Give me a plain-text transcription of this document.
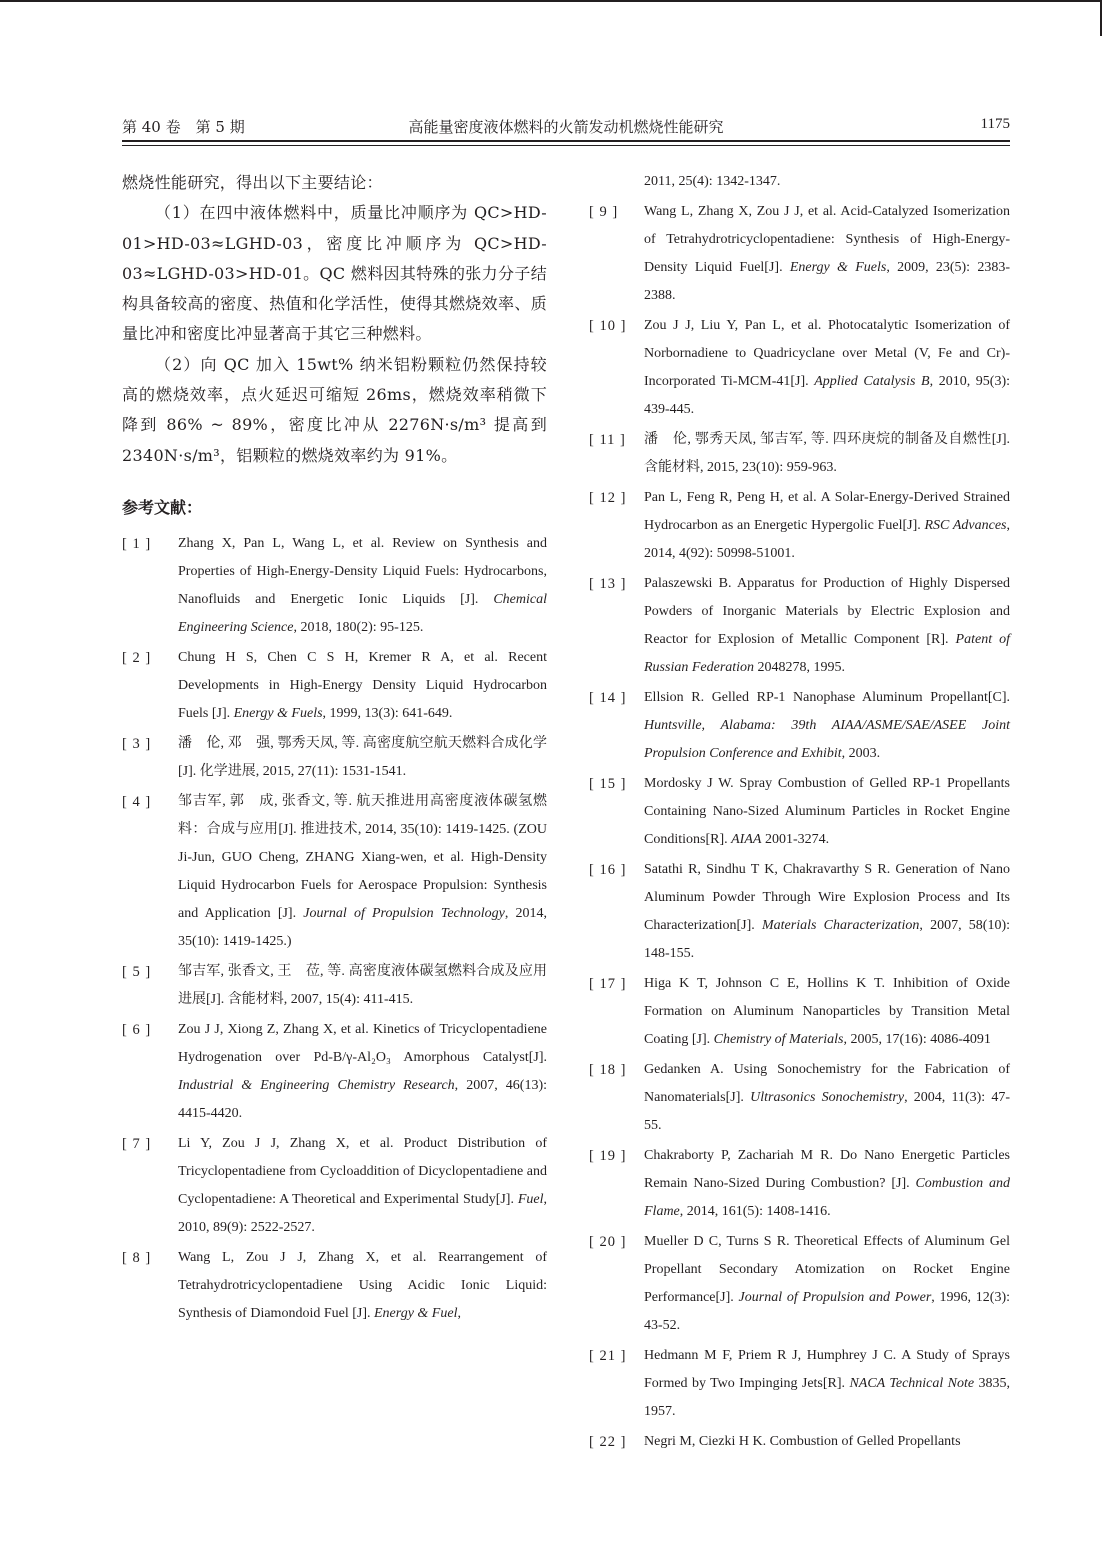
第 40 卷　第 5 期	高能量密度液体燃料的火箭发动机燃烧性能研究	1175

燃烧性能研究，得出以下主要结论：

（1）在四中液体燃料中，质量比冲顺序为 QC>HD-01>HD-03≈LGHD-03，密度比冲顺序为 QC>HD-03≈LGHD-03>HD-01。QC 燃料因其特殊的张力分子结构具备较高的密度、热值和化学活性，使得其燃烧效率、质量比冲和密度比冲显著高于其它三种燃料。

（2）向 QC 加入 15wt% 纳米铝粉颗粒仍然保持较高的燃烧效率，点火延迟可缩短 26ms，燃烧效率稍微下降到 86% ~ 89%，密度比冲从 2276N·s/m³ 提高到 2340N·s/m³，铝颗粒的燃烧效率约为 91%。

参考文献：
[ 1 ]	Zhang X, Pan L, Wang L, et al. Review on Synthesis and Properties of High-Energy-Density Liquid Fuels: Hydrocarbons, Nanofluids and Energetic Ionic Liquids [J]. Chemical Engineering Science, 2018, 180(2): 95-125.
[ 2 ]	Chung H S, Chen C S H, Kremer R A, et al. Recent Developments in High-Energy Density Liquid Hydrocarbon Fuels [J]. Energy & Fuels, 1999, 13(3): 641-649.
[ 3 ]	潘　伦, 邓　强, 鄂秀天凤, 等. 高密度航空航天燃料合成化学[J]. 化学进展, 2015, 27(11): 1531-1541.
[ 4 ]	邹吉军, 郭　成, 张香文, 等. 航天推进用高密度液体碳氢燃料：合成与应用[J]. 推进技术, 2014, 35(10): 1419-1425. (ZOU Ji-Jun, GUO Cheng, ZHANG Xiang-wen, et al. High-Density Liquid Hydrocarbon Fuels for Aerospace Propulsion: Synthesis and Application [J]. Journal of Propulsion Technology, 2014, 35(10): 1419-1425.)
[ 5 ]	邹吉军, 张香文, 王　莅, 等. 高密度液体碳氢燃料合成及应用进展[J]. 含能材料, 2007, 15(4): 411-415.
[ 6 ]	Zou J J, Xiong Z, Zhang X, et al. Kinetics of Tricyclopentadiene Hydrogenation over Pd-B/γ-Al₂O₃ Amorphous Catalyst[J]. Industrial & Engineering Chemistry Research, 2007, 46(13): 4415-4420.
[ 7 ]	Li Y, Zou J J, Zhang X, et al. Product Distribution of Tricyclopentadiene from Cycloaddition of Dicyclopentadiene and Cyclopentadiene: A Theoretical and Experimental Study[J]. Fuel, 2010, 89(9): 2522-2527.
[ 8 ]	Wang L, Zou J J, Zhang X, et al. Rearrangement of Tetrahydrotricyclopentadiene Using Acidic Ionic Liquid: Synthesis of Diamondoid Fuel [J]. Energy & Fuel,
2011, 25(4): 1342-1347.
[ 9 ]	Wang L, Zhang X, Zou J J, et al. Acid-Catalyzed Isomerization of Tetrahydrotricyclopentadiene: Synthesis of High-Energy-Density Liquid Fuel[J]. Energy & Fuels, 2009, 23(5): 2383-2388.
[ 10 ]	Zou J J, Liu Y, Pan L, et al. Photocatalytic Isomerization of Norbornadiene to Quadricyclane over Metal (V, Fe and Cr)-Incorporated Ti-MCM-41[J]. Applied Catalysis B, 2010, 95(3): 439-445.
[ 11 ]	潘　伦, 鄂秀天凤, 邹吉军, 等. 四环庚烷的制备及自燃性[J]. 含能材料, 2015, 23(10): 959-963.
[ 12 ]	Pan L, Feng R, Peng H, et al. A Solar-Energy-Derived Strained Hydrocarbon as an Energetic Hypergolic Fuel[J]. RSC Advances, 2014, 4(92): 50998-51001.
[ 13 ]	Palaszewski B. Apparatus for Production of Highly Dispersed Powders of Inorganic Materials by Electric Explosion and Reactor for Explosion of Metallic Component [R]. Patent of Russian Federation 2048278, 1995.
[ 14 ]	Ellsion R. Gelled RP-1 Nanophase Aluminum Propellant[C]. Huntsville, Alabama: 39th AIAA/ASME/SAE/ASEE Joint Propulsion Conference and Exhibit, 2003.
[ 15 ]	Mordosky J W. Spray Combustion of Gelled RP-1 Propellants Containing Nano-Sized Aluminum Particles in Rocket Engine Conditions[R]. AIAA 2001-3274.
[ 16 ]	Satathi R, Sindhu T K, Chakravarthy S R. Generation of Nano Aluminum Powder Through Wire Explosion Process and Its Characterization[J]. Materials Characterization, 2007, 58(10): 148-155.
[ 17 ]	Higa K T, Johnson C E, Hollins K T. Inhibition of Oxide Formation on Aluminum Nanoparticles by Transition Metal Coating [J]. Chemistry of Materials, 2005, 17(16): 4086-4091
[ 18 ]	Gedanken A. Using Sonochemistry for the Fabrication of Nanomaterials[J]. Ultrasonics Sonochemistry, 2004, 11(3): 47-55.
[ 19 ]	Chakraborty P, Zachariah M R. Do Nano Energetic Particles Remain Nano-Sized During Combustion? [J]. Combustion and Flame, 2014, 161(5): 1408-1416.
[ 20 ]	Mueller D C, Turns S R. Theoretical Effects of Aluminum Gel Propellant Secondary Atomization on Rocket Engine Performance[J]. Journal of Propulsion and Power, 1996, 12(3): 43-52.
[ 21 ]	Hedmann M F, Priem R J, Humphrey J C. A Study of Sprays Formed by Two Impinging Jets[R]. NACA Technical Note 3835, 1957.
[ 22 ]	Negri M, Ciezki H K. Combustion of Gelled Propellants
